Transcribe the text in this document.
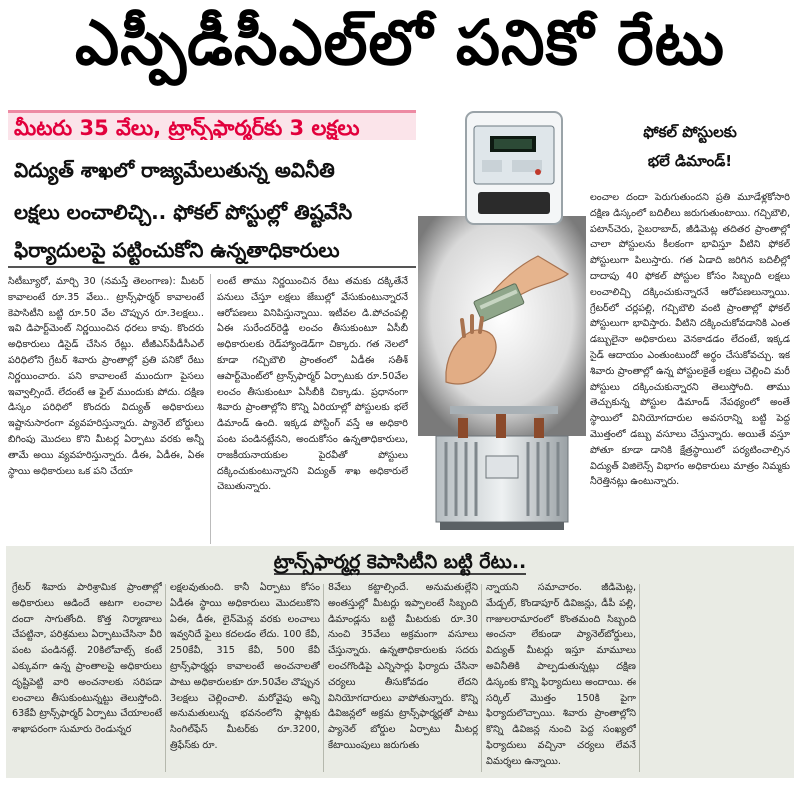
ఎస్పీడీసీఎల్‌లో పనికో రేటు
మీటరు 35 వేలు, ట్రాన్స్‌ఫార్మర్‌కు 3 లక్షలు
విద్యుత్ శాఖలో రాజ్యమేలుతున్న అవినీతి
లక్షలు లంచాలిచ్చి.. ఫోకల్ పోస్టుల్లో తిష్టవేసి
ఫిర్యాదులపై పట్టించుకోని ఉన్నతాధికారులు
సిటీబ్యూరో, మార్చి 30 (నమస్తే తెలంగాణ): మీటర్ కావాలంటే రూ.35 వేలు.. ట్రాన్స్‌ఫార్మర్ కావాలంటే కెపాసిటీని బట్టి రూ.50 వేల చొప్పున రూ.3లక్షలు.. ఇవి డిపార్ట్‌మెంట్ నిర్ణయించిన ధరలు కావు. కొందరు అధికారులు డిసైడ్ చేసిన రేట్లు. టీజీఎస్‌పీడీసీఎల్ పరిధిలోని గ్రేటర్ శివారు ప్రాంతాల్లో ప్రతి పనికో రేటు నిర్ణయించారు. పని కావాలంటే ముందుగా పైసలు ఇవ్వాల్సిందే. లేదంటే ఆ ఫైల్ ముందుకు పోదు. దక్షిణ డిస్కం పరిధిలో కొందరు విద్యుత్ అధికారులు ఇష్టానుసారంగా వ్యవహరిస్తున్నారు. ప్యానెల్ బోర్డులు బిగింపు మొదలు కొని మీటర్ల ఏర్పాటు వరకు అన్నీ తామే అయి వ్యవహరిస్తున్నారు. డీఈ, ఏడీఈ, ఏఈ స్థాయి అధికారులు ఒక పని చేయా
లంటే తాము నిర్ణయించిన రేటు తమకు దక్కితేనే పనులు చేస్తూ లక్షలు జేబుల్లో వేసుకుంటున్నారనే ఆరోపణలు వినిపిస్తున్నాయి. ఇటీవల డి.పోచంపల్లి ఏఈ సురేందర్‌రెడ్డి లంచం తీసుకుంటూ ఏసీబీ అధికారులకు రెడ్‌హ్యాండెడ్‌గా చిక్కారు. గత నెలలో కూడా గచ్చిబౌలి ప్రాంతంలో ఏడీఈ సతీశ్ ఆపార్ట్‌మెంట్‌లో ట్రాన్స్‌ఫార్మర్ ఏర్పాటుకు రూ.50వేల లంచం తీసుకుంటూ ఏసీబీకి చిక్కాడు. ప్రధానంగా శివారు ప్రాంతాల్లోని కొన్ని ఏరియాల్లో పోస్టులకు భలే డిమాండ్ ఉంది. ఇక్కడ పోస్టింగ్ వస్తే ఆ అధికారి పంట పండినట్లేనని, అందుకోసం ఉన్నతాధికారులు, రాజకీయనాయకుల పైరవీతో పోస్టులు దక్కించుకుంటున్నారని విద్యుత్ శాఖ అధికారులే చెబుతున్నారు.
ఫోకల్ పోస్టులకు
భలే డిమాండ్!
లంచాల దందా పెరుగుతుందని ప్రతి మూడేళ్లకోసారి దక్షిణ డిస్కంలో బదిలీలు జరుగుతుంటాయి. గచ్చిబౌలి, పటాన్‌చెరు, సైబరాబాద్, జీడిమెట్ల తదితర ప్రాంతాల్లో చాలా పోస్టులను కీలకంగా భావిస్తూ వీటిని ఫోకల్ పోస్టులుగా పిలుస్తారు. గత ఏడాది జరిగిన బదిలీల్లో దాదాపు 40 ఫోకల్ పోస్టుల కోసం సిబ్బంది లక్షలు లంచాలిచ్చి దక్కించుకున్నారనే ఆరోపణలున్నాయి. గ్రేటర్‌లో చర్లపల్లి, గచ్చిబౌలి వంటి ప్రాంతాల్లో ఫోకల్ పోస్టులుగా భావిస్తారు. వీటిని దక్కించుకోవడానికి ఎంత డబ్బులైనా అధికారులు వెనకాడడం లేదంటే, ఇక్కడ సైడ్ ఆదాయం ఎంతుంటుందో అర్థం చేసుకోవచ్చు. ఇక శివారు ప్రాంతాల్లో ఉన్న పోస్టులకైతే లక్షలు చెల్లించి మరీ పోస్టులు దక్కించుకున్నారని తెలుస్తోంది. తాము తెచ్చుకున్న పోస్టుల డిమాండ్ నేపథ్యంలో అంతే స్థాయిలో వినియోగదారుల అవసరాన్ని బట్టి పెద్ద మొత్తంలో డబ్బు వసూలు చేస్తున్నారు. అయితే వస్తూ పోతూ కూడా డానికి క్షేత్రస్థాయిలో పర్యటించాల్సిన విద్యుత్ విజిలెన్స్ విభాగం అధికారులు మాత్రం నిమ్మకు నీరెత్తినట్లు ఉంటున్నారు.
ట్రాన్స్‌ఫార్మర్ల కెపాసిటీని బట్టి రేటు..
గ్రేటర్ శివారు పారిశ్రామిక ప్రాంతాల్లో అధికారులు ఆడిందే ఆటగా లంచాల దందా సాగుతోంది. కొత్త నిర్మాణాలు చేపట్టినా, పరిశ్రమలు ఏర్పాటుచేసినా వీరి పంట పండినట్లే. 20కిలోవాట్స్ కంటే ఎక్కువగా ఉన్న ప్రాంతాలపై అధికారులు దృష్టిపెట్టి వారి అంచనాలకు సరిపడా లంచాలు తీసుకుంటున్నట్టు తెలుస్తోంది. 63కేవీ ట్రాన్స్‌ఫార్మర్ ఏర్పాటు చేయాలంటే శాఖాపరంగా సుమారు రెండున్నర
లక్షలవుతుంది. కానీ ఏర్పాటు కోసం ఏడీఈ స్థాయి అధికారులు మొదలుకొని ఏఈ, డీఈ, లైన్‌మెన్ల వరకు లంచాలు ఇవ్వనిదే ఫైలు కదలడం లేదు. 100 కేవీ, 250కేవీ, 315 కేవీ, 500 కేవీ ట్రాన్స్‌ఫార్మర్లు కావాలంటే అంచనాలతో పాటు అధికారులకూ రూ.50వేల చొప్పున 3లక్షలు చెల్లించాలి. మరోవైపు అన్ని అనుమతులున్న భవనంలోని ఫ్లాట్లకు సింగిల్‌ఫేస్ మీటర్‌కు రూ.3200, త్రిఫేస్‌కు రూ.
8వేలు కట్టాల్సిందే. అనుమతుల్లేని అంతస్తుల్లో మీటర్లు ఇప్పాలంటే సిబ్బంది డిమాండ్లను బట్టి మీటరుకు రూ.30 నుంచి 35వేలు అక్రమంగా వసూలు చేస్తున్నారు. ఉన్నతాధికారులకు సదరు లంచగొండిపై ఎన్నిసార్లు ఫిర్యాదు చేసినా చర్యలు తీసుకోవడం లేదని వినియోగదారులు వాపోతున్నారు. కొన్ని డివిజన్లలో అక్రమ ట్రాన్స్‌ఫార్మర్లతో పాటు ప్యానెల్ బోర్డుల ఏర్పాటు మీటర్ల కేటాయింపులు జరుగుతు
న్నాయని సమాచారం. జీడిమెట్ల, మేడ్చల్, కొండాపూర్ డివిజన్లు, డీపీ పల్లి, గాజులరామారంలో కొంతమంది సిబ్బంది అంచనా లేకుండా ప్యానెల్‌బోర్డులు, విద్యుత్ మీటర్లు ఇస్తూ మామూలు అవినీతికి పాల్పడుతున్నట్లు దక్షిణ డిస్కంకు కొన్ని ఫిర్యాదులు అందాయి. ఈ సర్కిల్ మొత్తం 150కి పైగా ఫిర్యాదులొచ్చాయి. శివారు ప్రాంతాల్లోని కొన్ని డివిజన్ల నుంచి పెద్ద సంఖ్యలో ఫిర్యాదులు వచ్చినా చర్యలు లేవనే విమర్శలు ఉన్నాయి.
